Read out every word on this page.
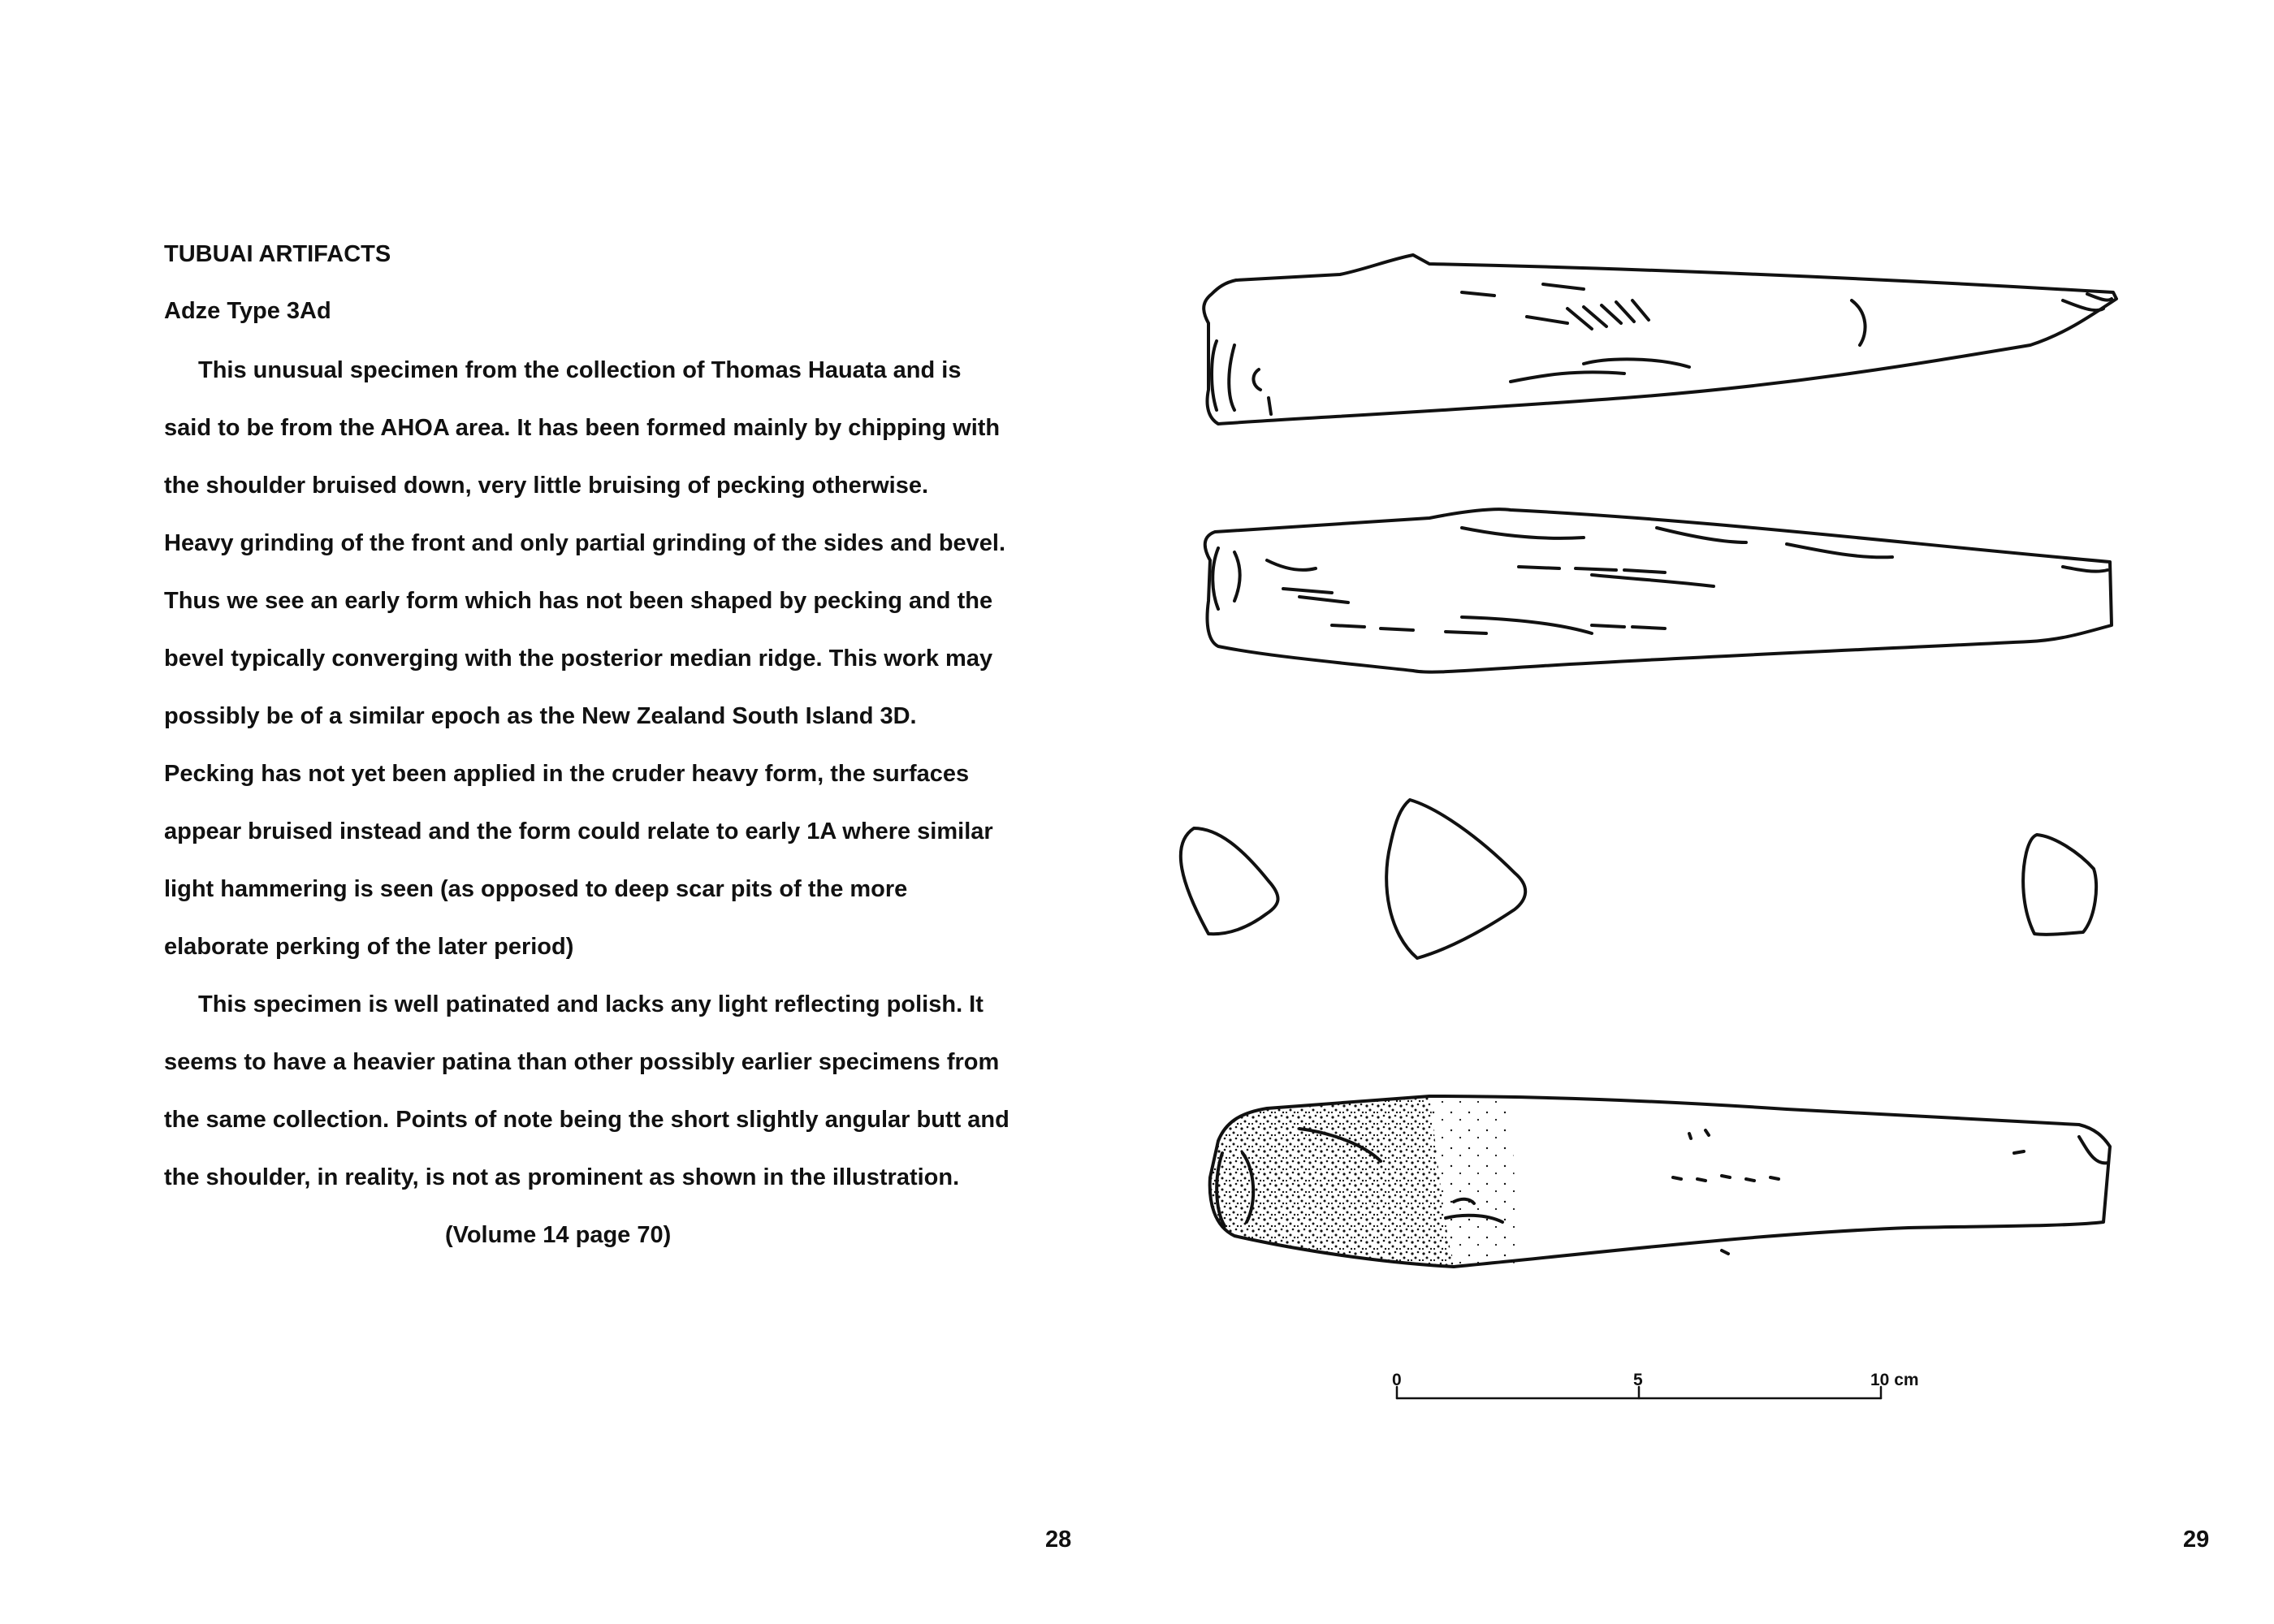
TUBUAI ARTIFACTS

Adze Type 3Ad

This unusual specimen from the collection of Thomas Hauata and is

said to be from the AHOA area. It has been formed mainly by chipping with

the shoulder bruised down, very little bruising of pecking otherwise.

Heavy grinding of the front and only partial grinding of the sides and bevel.

Thus we see an early form which has not been shaped by pecking and the

bevel typically converging with the posterior median ridge. This work may

possibly be of a similar epoch as the New Zealand South Island 3D.

Pecking has not yet been applied in the cruder heavy form, the surfaces

appear bruised instead and the form could relate to early 1A where similar

light hammering is seen (as opposed to deep scar pits of the more

elaborate perking of the later period)

This specimen is well patinated and lacks any light reflecting polish. It

seems to have a heavier patina than other possibly earlier specimens from

the same collection. Points of note being the short slightly angular butt and

the shoulder, in reality, is not as prominent as shown in the illustration.

(Volume 14 page 70)

0	5	10 cm
28	29
